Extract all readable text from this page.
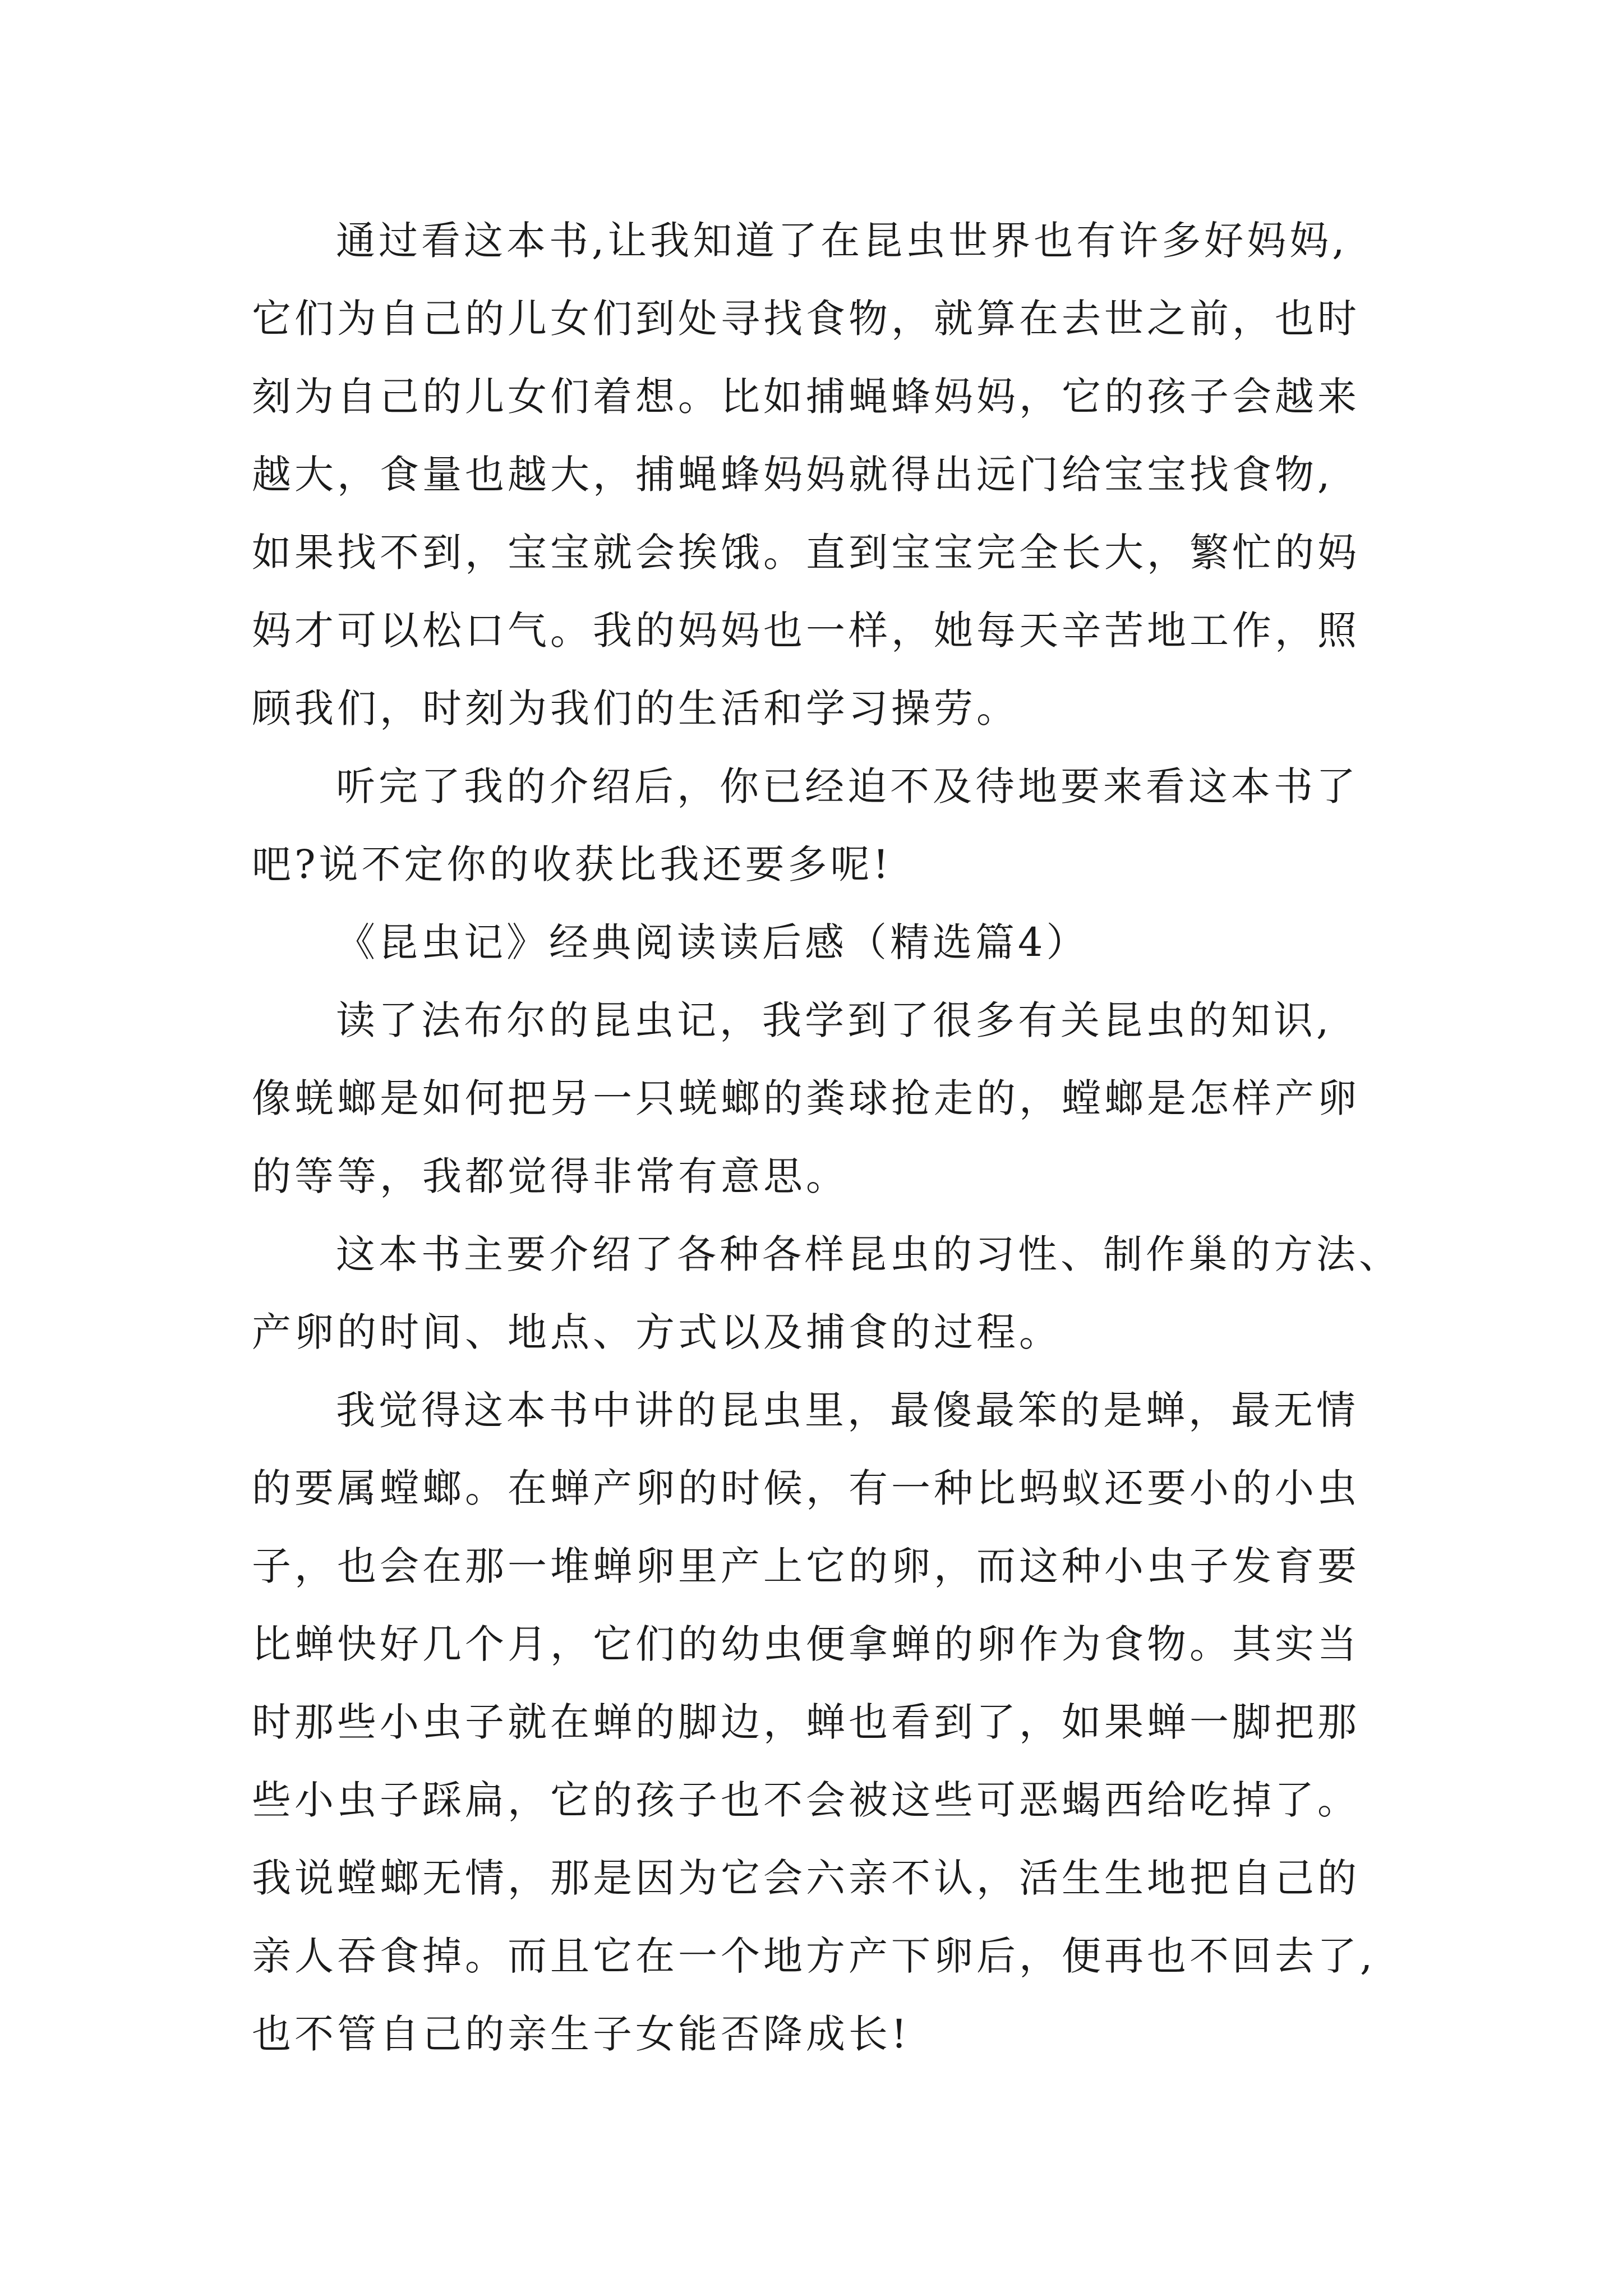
通过看这本书,让我知道了在昆虫世界也有许多好妈妈,
它们为自己的儿女们到处寻找食物，就算在去世之前，也时
刻为自己的儿女们着想。比如捕蝇蜂妈妈，它的孩子会越来
越大，食量也越大，捕蝇蜂妈妈就得出远门给宝宝找食物,
如果找不到，宝宝就会挨饿。直到宝宝完全长大，繁忙的妈
妈才可以松口气。我的妈妈也一样，她每天辛苦地工作，照
顾我们，时刻为我们的生活和学习操劳。
听完了我的介绍后，你已经迫不及待地要来看这本书了
吧?说不定你的收获比我还要多呢!
《昆虫记》经典阅读读后感（精选篇4）
读了法布尔的昆虫记，我学到了很多有关昆虫的知识,
像蜣螂是如何把另一只蜣螂的粪球抢走的，螳螂是怎样产卵
的等等，我都觉得非常有意思。
这本书主要介绍了各种各样昆虫的习性、制作巢的方法、
产卵的时间、地点、方式以及捕食的过程。
我觉得这本书中讲的昆虫里，最傻最笨的是蝉，最无情
的要属螳螂。在蝉产卵的时候，有一种比蚂蚁还要小的小虫
子，也会在那一堆蝉卵里产上它的卵，而这种小虫子发育要
比蝉快好几个月，它们的幼虫便拿蝉的卵作为食物。其实当
时那些小虫子就在蝉的脚边，蝉也看到了，如果蝉一脚把那
些小虫子踩扁，它的孩子也不会被这些可恶蝎西给吃掉了。
我说螳螂无情，那是因为它会六亲不认，活生生地把自己的
亲人吞食掉。而且它在一个地方产下卵后，便再也不回去了,
也不管自己的亲生子女能否降成长!
